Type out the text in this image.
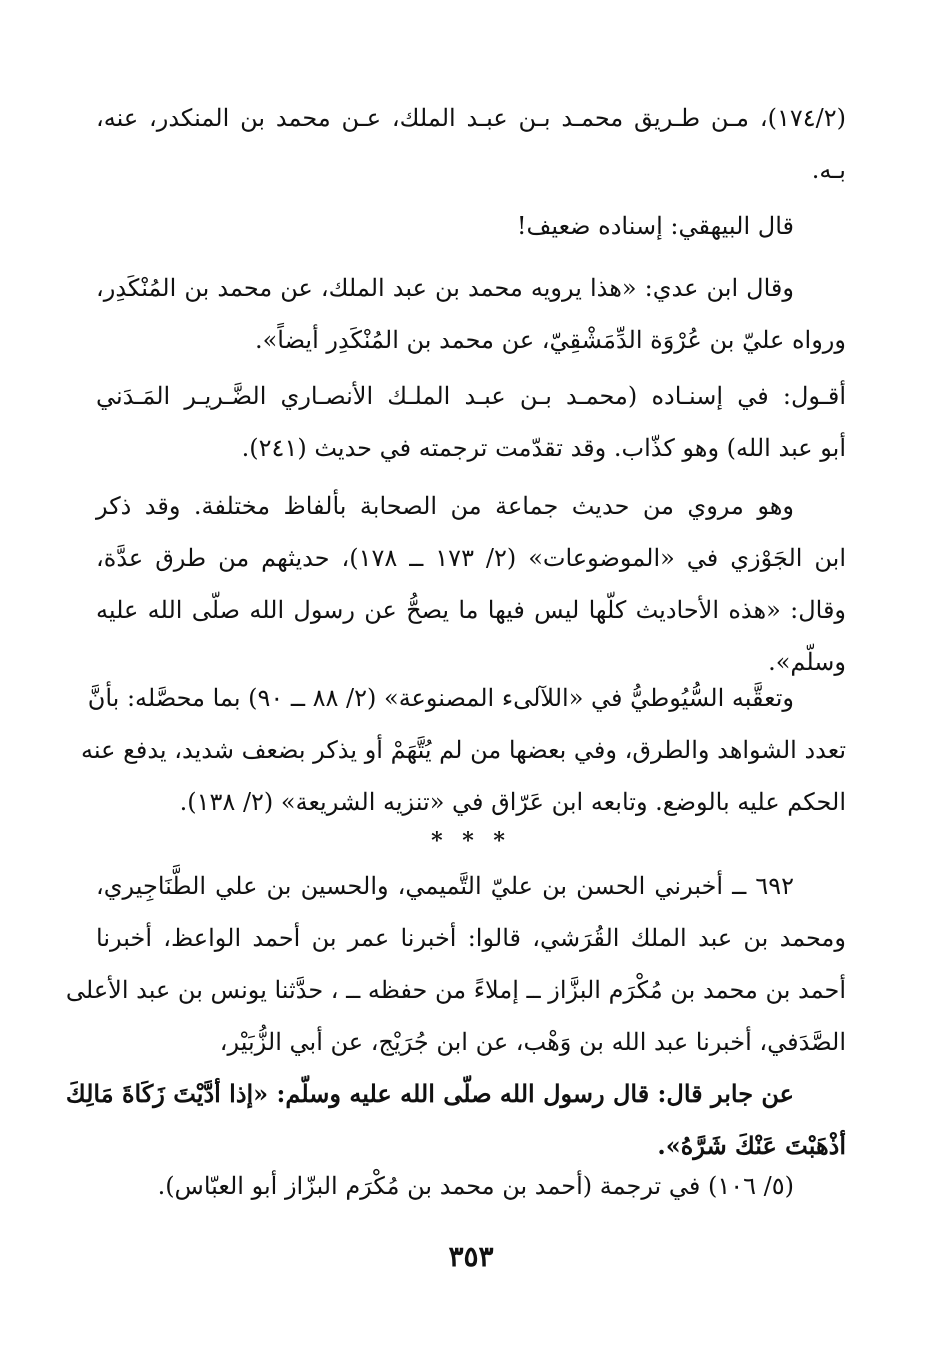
(١٧٤/٢)، مـن طـريق محمـد بـن عبـد الملك، عـن محمد بن المنكدر، عنه،
بـه.
قال البيهقي: إسناده ضعيف!
وقال ابن عدي: «هذا يرويه محمد بن عبد الملك، عن محمد بن المُنْكَدِر،
ورواه عليّ بن عُرْوَة الدِّمَشْقِيّ، عن محمد بن المُنْكَدِر أيضاً».
أقـول: في إسنـاده (محمـد بـن عبـد الملـك الأنصـاري الضَّـريـر المَـدَني
أبو عبد الله) وهو كذّاب. وقد تقدّمت ترجمته في حديث (٢٤١).
وهو مروي من حديث جماعة من الصحابة بألفاظ مختلفة. وقد ذكر
ابن الجَوْزي في «الموضوعات» (٢/ ١٧٣ ــ ١٧٨)، حديثهم من طرق عدَّة،
وقال: «هذه الأحاديث كلّها ليس فيها ما يصحُّ عن رسول الله صلّى الله عليه
وسلّم».
وتعقَّبه السُّيُوطيُّ في «اللآلىء المصنوعة» (٢/ ٨٨ ــ ٩٠) بما محصَّله: بأنَّ
تعدد الشواهد والطرق، وفي بعضها من لم يُتَّهَمْ أو يذكر بضعف شديد، يدفع عنه
الحكم عليه بالوضع. وتابعه ابن عَرّاق في «تنزيه الشريعة» (٢/ ١٣٨).
* * *
٦٩٢ ــ أخبرني الحسن بن عليّ التَّميمي، والحسين بن علي الطَّنَاجِيري،
ومحمد بن عبد الملك القُرَشي، قالوا: أخبرنا عمر بن أحمد الواعظ، أخبرنا
أحمد بن محمد بن مُكْرَم البزَّاز ــ إملاءً من حفظه ــ ، حدَّثنا يونس بن عبد الأعلى
الصَّدَفي، أخبرنا عبد الله بن وَهْب، عن ابن جُرَيْج، عن أبي الزُّبَيْر،
عن جابر قال: قال رسول الله صلّى الله عليه وسلّم: «إذا أدَّيْتَ زَكَاةَ مَالِكَ
أذْهَبْتَ عَنْكَ شَرَّهُ».
(٥/ ١٠٦) في ترجمة (أحمد بن محمد بن مُكْرَم البزّاز أبو العبّاس).
٣٥٣
